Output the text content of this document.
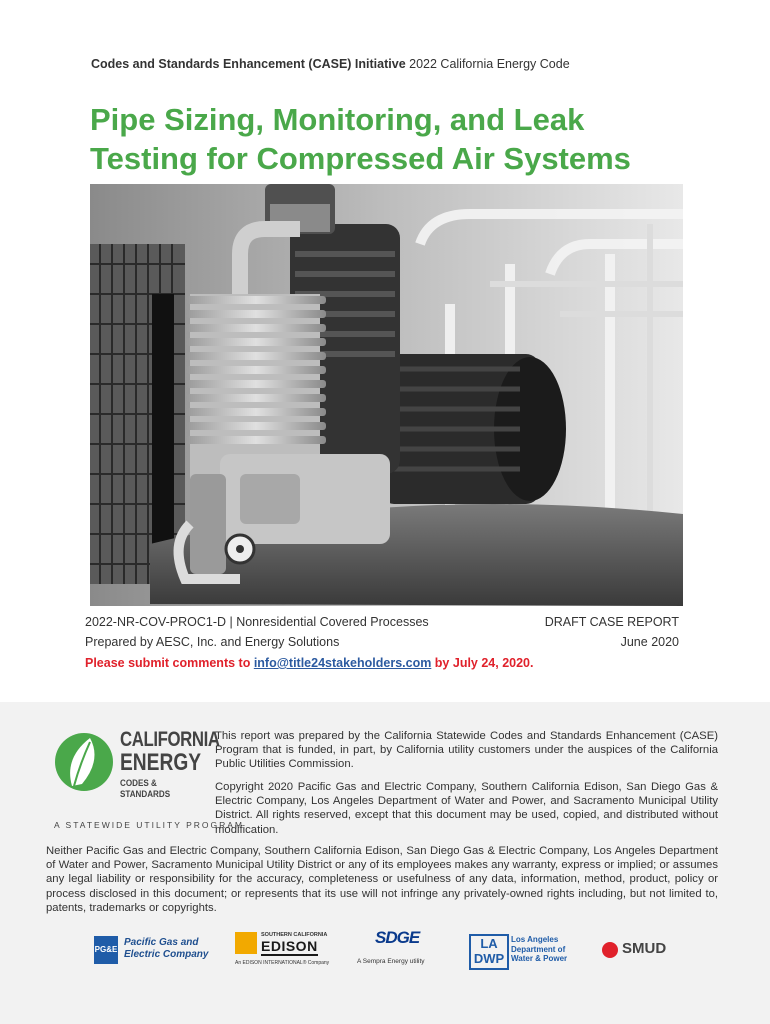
Codes and Standards Enhancement (CASE) Initiative 2022 California Energy Code
Pipe Sizing, Monitoring, and Leak
Testing for Compressed Air Systems
2022-NR-COV-PROC1-D | Nonresidential Covered Processes	DRAFT CASE REPORT
Prepared by AESC, Inc. and Energy Solutions	June 2020
Please submit comments to info@title24stakeholders.com by July 24, 2020.
CALIFORNIA
ENERGY
CODES & STANDARDS
A STATEWIDE UTILITY PROGRAM

This report was prepared by the California Statewide Codes and Standards Enhancement (CASE) Program that is funded, in part, by California utility customers under the auspices of the California Public Utilities Commission.

Copyright 2020 Pacific Gas and Electric Company, Southern California Edison, San Diego Gas & Electric Company, Los Angeles Department of Water and Power, and Sacramento Municipal Utility District. All rights reserved, except that this document may be used, copied, and distributed without modification.

Neither Pacific Gas and Electric Company, Southern California Edison, San Diego Gas & Electric Company, Los Angeles Department of Water and Power, Sacramento Municipal Utility District or any of its employees makes any warranty, express or implied; or assumes any legal liability or responsibility for the accuracy, completeness or usefulness of any data, information, method, product, policy or process disclosed in this document; or represents that its use will not infringe any privately-owned rights including, but not limited to, patents, trademarks or copyrights.

PG&E
Pacific Gas and
Electric Company
SOUTHERN CALIFORNIA
EDISON
An EDISON INTERNATIONAL® Company
SDGE
A Sempra Energy utility
LA
DWP
Los Angeles
Department of
Water & Power
SMUD
